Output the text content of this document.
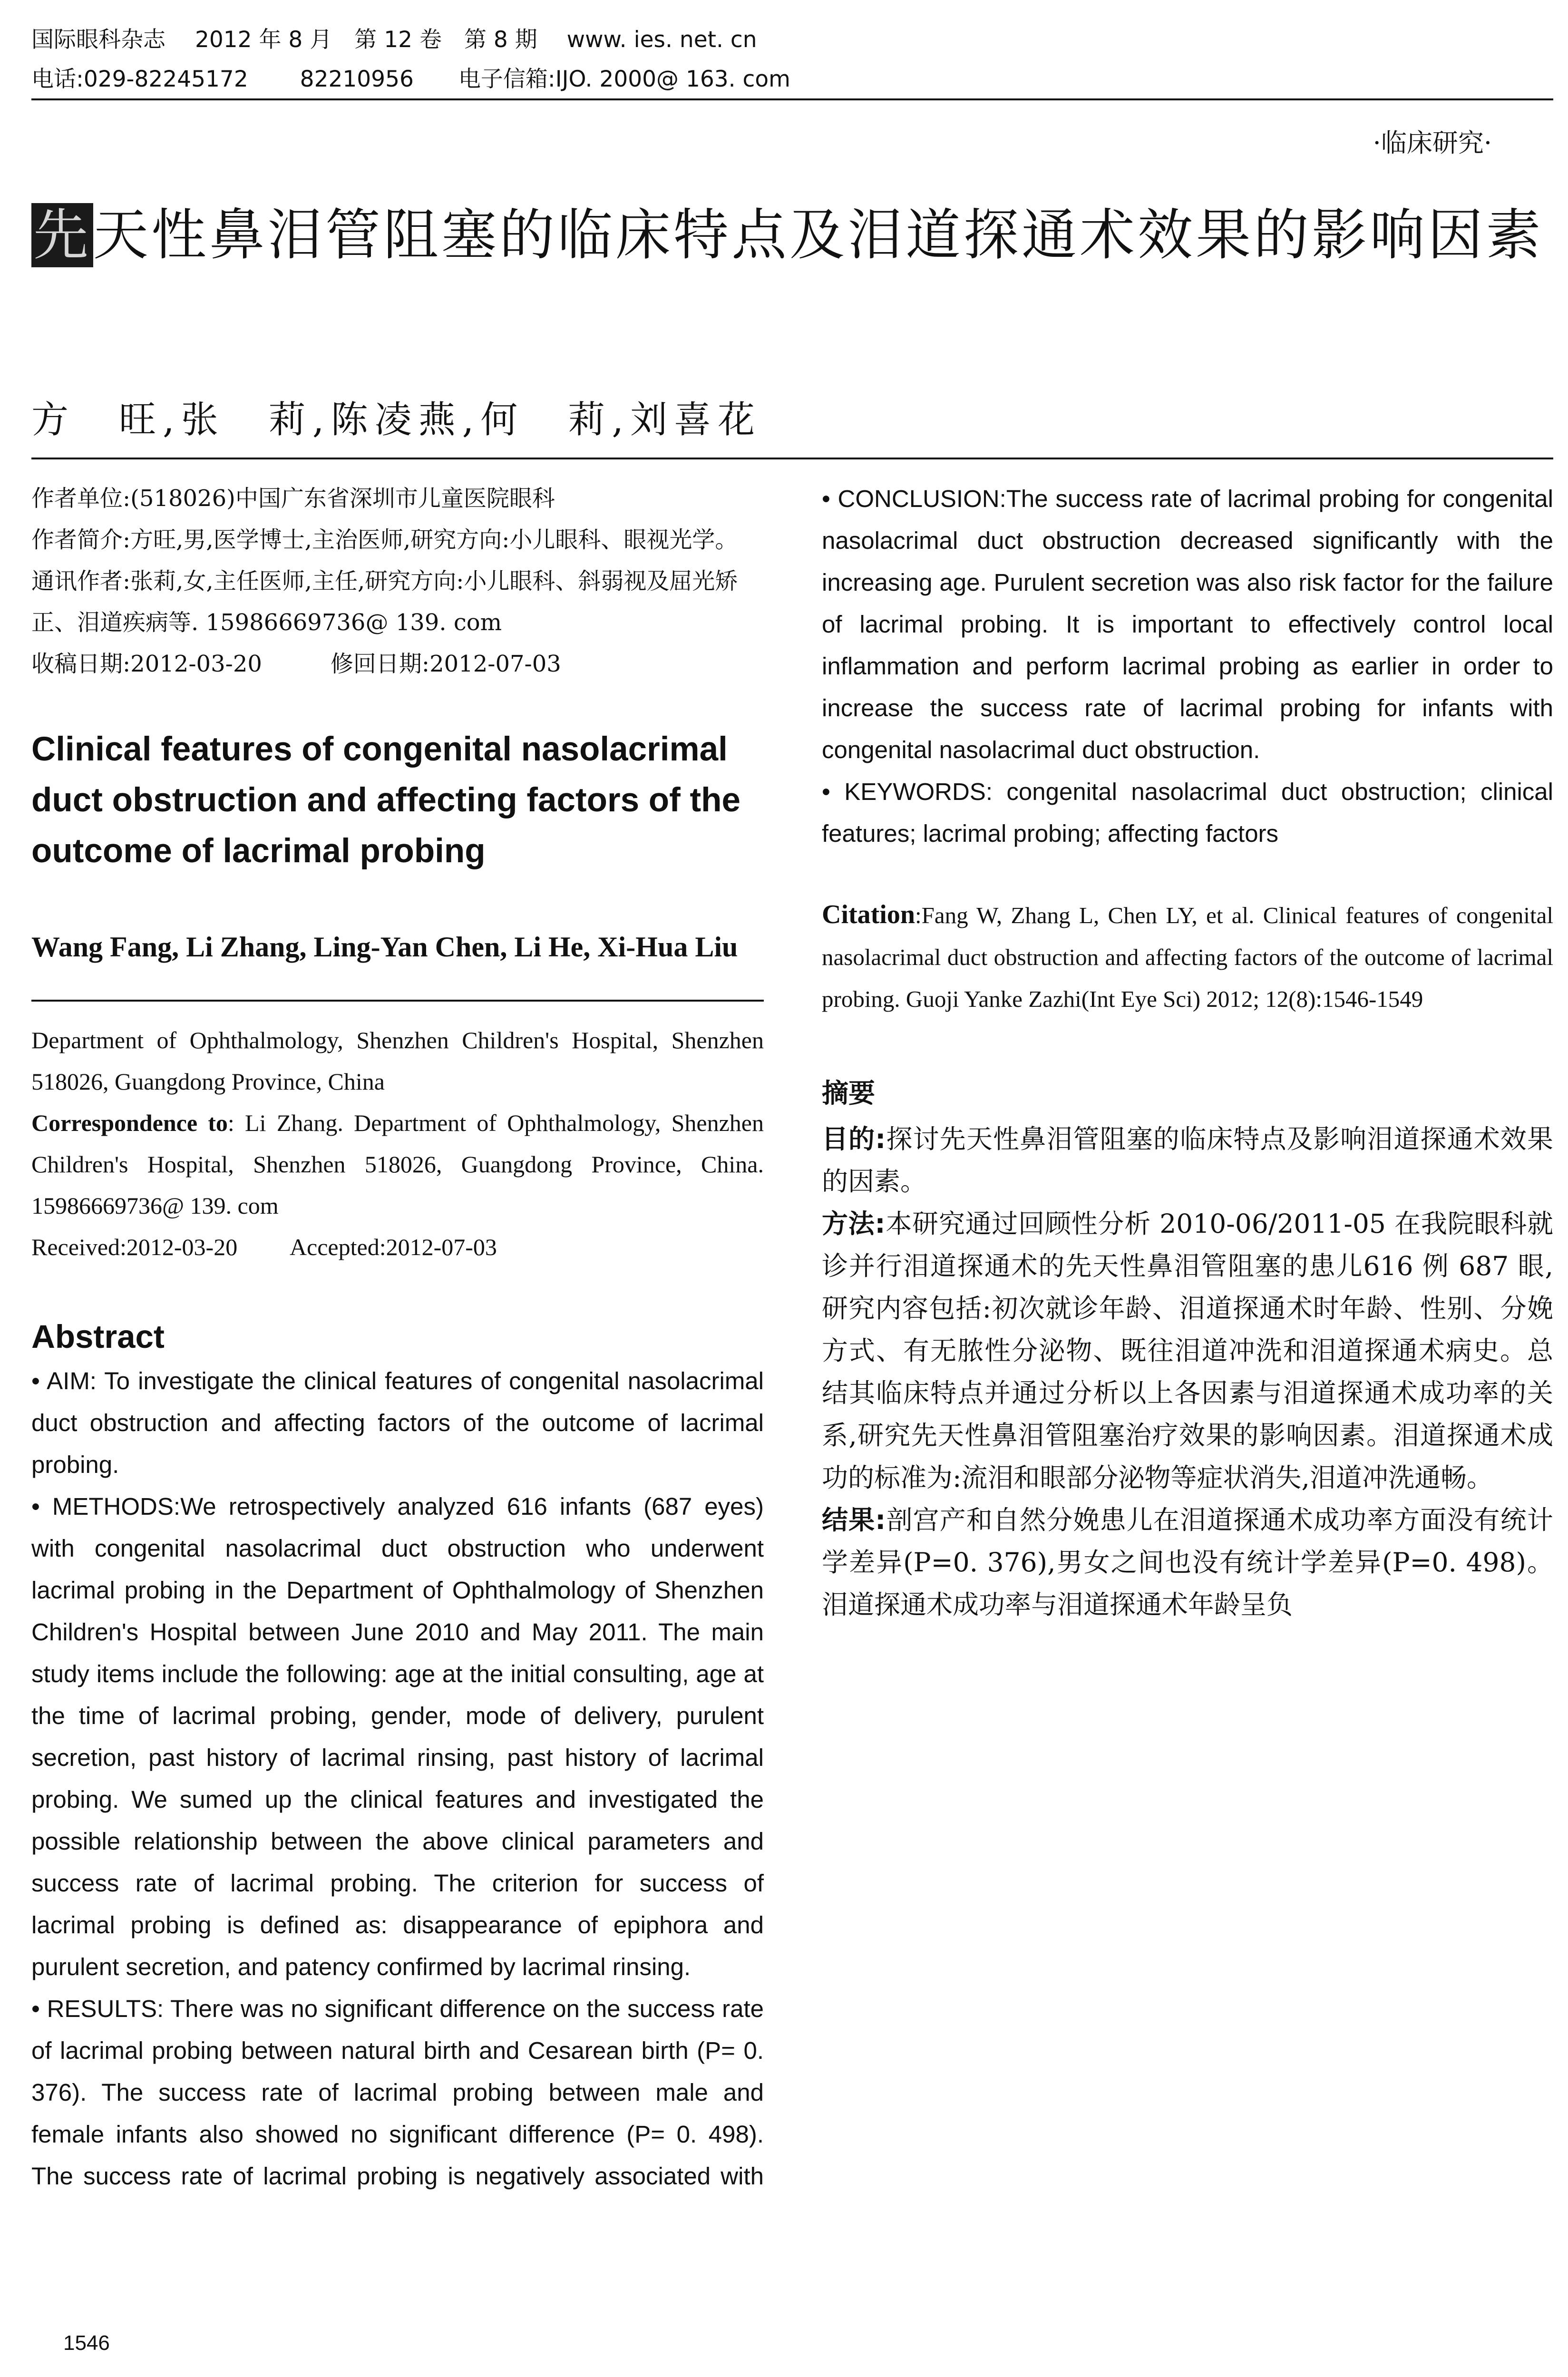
国际眼科杂志　 2012 年 8 月　第 12 卷　第 8 期　 www. ies. net. cn
电话:029-82245172　　 82210956　　电子信箱:IJO. 2000@ 163. com
·临床研究·
先天性鼻泪管阻塞的临床特点及泪道探通术效果的影响因素
方　旺,张　莉,陈凌燕,何　莉,刘喜花
作者单位:(518026)中国广东省深圳市儿童医院眼科
作者简介:方旺,男,医学博士,主治医师,研究方向:小儿眼科、眼视光学。
通讯作者:张莉,女,主任医师,主任,研究方向:小儿眼科、斜弱视及屈光矫正、泪道疾病等. 15986669736@ 139. com
收稿日期:2012-03-20　　　修回日期:2012-07-03
Clinical features of congenital nasolacrimal duct obstruction and affecting factors of the outcome of lacrimal probing
Wang Fang, Li Zhang, Ling-Yan Chen, Li He, Xi-Hua Liu
Department of Ophthalmology, Shenzhen Children's Hospital, Shenzhen 518026, Guangdong Province, China
Correspondence to: Li Zhang. Department of Ophthalmology, Shenzhen Children's Hospital, Shenzhen 518026, Guangdong Province, China. 15986669736@ 139. com
Received:2012-03-20　　 Accepted:2012-07-03
Abstract

• AIM: To investigate the clinical features of congenital nasolacrimal duct obstruction and affecting factors of the outcome of lacrimal probing.

• METHODS:We retrospectively analyzed 616 infants (687 eyes) with congenital nasolacrimal duct obstruction who underwent lacrimal probing in the Department of Ophthalmology of Shenzhen Children's Hospital between June 2010 and May 2011. The main study items include the following: age at the initial consulting, age at the time of lacrimal probing, gender, mode of delivery, purulent secretion, past history of lacrimal rinsing, past history of lacrimal probing. We sumed up the clinical features and investigated the possible relationship between the above clinical parameters and success rate of lacrimal probing. The criterion for success of lacrimal probing is defined as: disappearance of epiphora and purulent secretion, and patency confirmed by lacrimal rinsing.

• RESULTS: There was no significant difference on the success rate of lacrimal probing between natural birth and Cesarean birth (P= 0. 376). The success rate of lacrimal probing between male and female infants also showed no significant difference (P= 0. 498). The success rate of lacrimal probing is negatively associated with

• CONCLUSION:The success rate of lacrimal probing for congenital nasolacrimal duct obstruction decreased significantly with the increasing age. Purulent secretion was also risk factor for the failure of lacrimal probing. It is important to effectively control local inflammation and perform lacrimal probing as earlier in order to increase the success rate of lacrimal probing for infants with congenital nasolacrimal duct obstruction.

• KEYWORDS: congenital nasolacrimal duct obstruction; clinical features; lacrimal probing; affecting factors

Citation:Fang W, Zhang L, Chen LY, et al. Clinical features of congenital nasolacrimal duct obstruction and affecting factors of the outcome of lacrimal probing. Guoji Yanke Zazhi(Int Eye Sci) 2012; 12(8):1546-1549
摘要

目的:探讨先天性鼻泪管阻塞的临床特点及影响泪道探通术效果的因素。

方法:本研究通过回顾性分析 2010-06/2011-05 在我院眼科就诊并行泪道探通术的先天性鼻泪管阻塞的患儿616 例 687 眼,研究内容包括:初次就诊年龄、泪道探通术时年龄、性别、分娩方式、有无脓性分泌物、既往泪道冲洗和泪道探通术病史。总结其临床特点并通过分析以上各因素与泪道探通术成功率的关系,研究先天性鼻泪管阻塞治疗效果的影响因素。泪道探通术成功的标准为:流泪和眼部分泌物等症状消失,泪道冲洗通畅。

结果:剖宫产和自然分娩患儿在泪道探通术成功率方面没有统计学差异(P=0. 376),男女之间也没有统计学差异(P=0. 498)。泪道探通术成功率与泪道探通术年龄呈负

1546
